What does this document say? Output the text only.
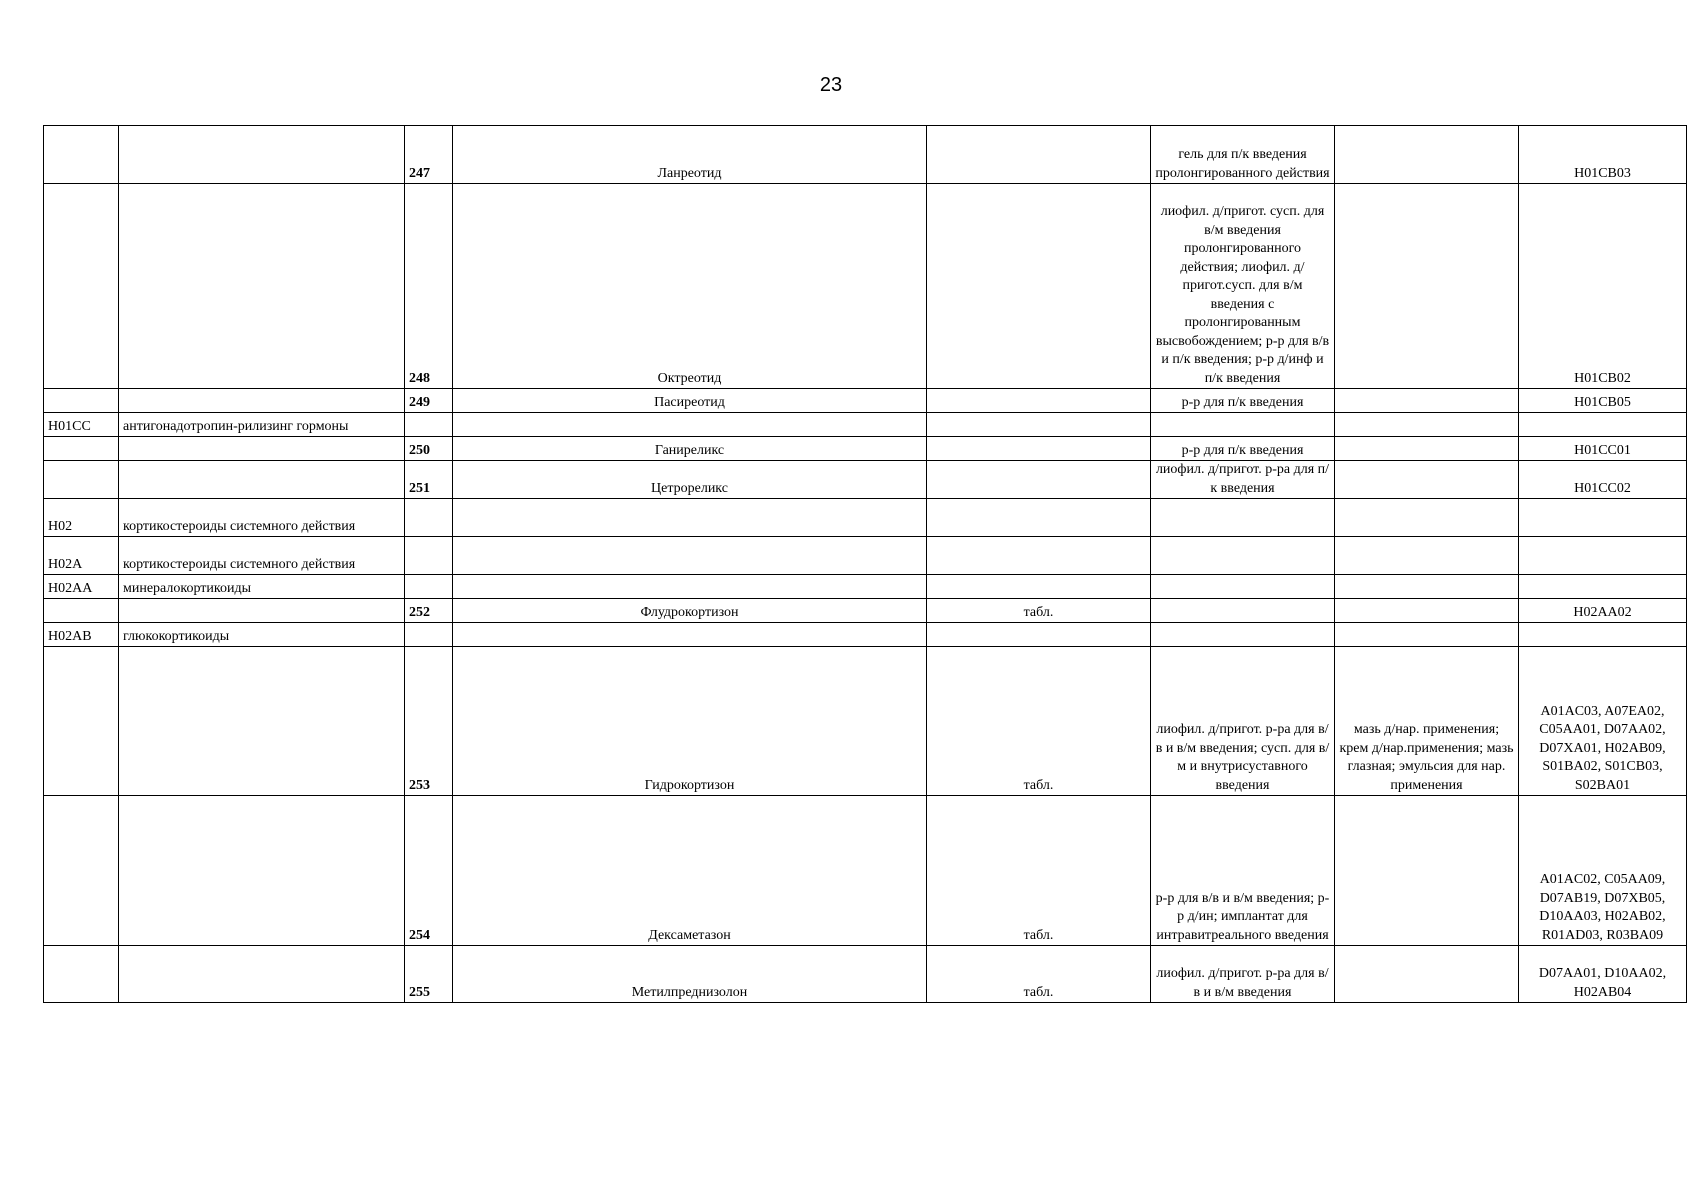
23
		247	Ланреотид		гель для п/к введения пролонгированного действия		H01CB03
		248	Октреотид		лиофил. д/пригот. сусп. для в/м введения пролонгированного действия; лиофил. д/пригот.сусп. для в/м введения с пролонгированным высвобождением; р-р для в/в и п/к введения; р-р д/инф и п/к введения		H01CB02
		249	Пасиреотид		р-р для п/к введения		H01CB05
H01CC	антигонадотропин-рилизинг гормоны						
		250	Ганиреликс		р-р для п/к введения		H01CC01
		251	Цетрореликс		лиофил. д/пригот. р-ра для п/к введения		H01CC02
H02	кортикостероиды системного действия						
H02A	кортикостероиды системного действия						
H02AA	минералокортикоиды						
		252	Флудрокортизон	табл.			H02AA02
H02AB	глюкокортикоиды						
		253	Гидрокортизон	табл.	лиофил. д/пригот. р-ра для в/в и в/м введения; сусп. для в/м и внутрисуставного введения	мазь д/нар. применения; крем д/нар.применения; мазь глазная; эмульсия для нар. применения	A01AC03, A07EA02, C05AA01, D07AA02, D07XA01, H02AB09, S01BA02, S01CB03, S02BA01
		254	Дексаметазон	табл.	р-р для в/в и в/м введения; р-р д/ин; имплантат для интравитреального введения		A01AC02, C05AA09, D07AB19, D07XB05, D10AA03, H02AB02, R01AD03, R03BA09
		255	Метилпреднизолон	табл.	лиофил. д/пригот. р-ра для в/в и в/м введения		D07AA01, D10AA02, H02AB04
